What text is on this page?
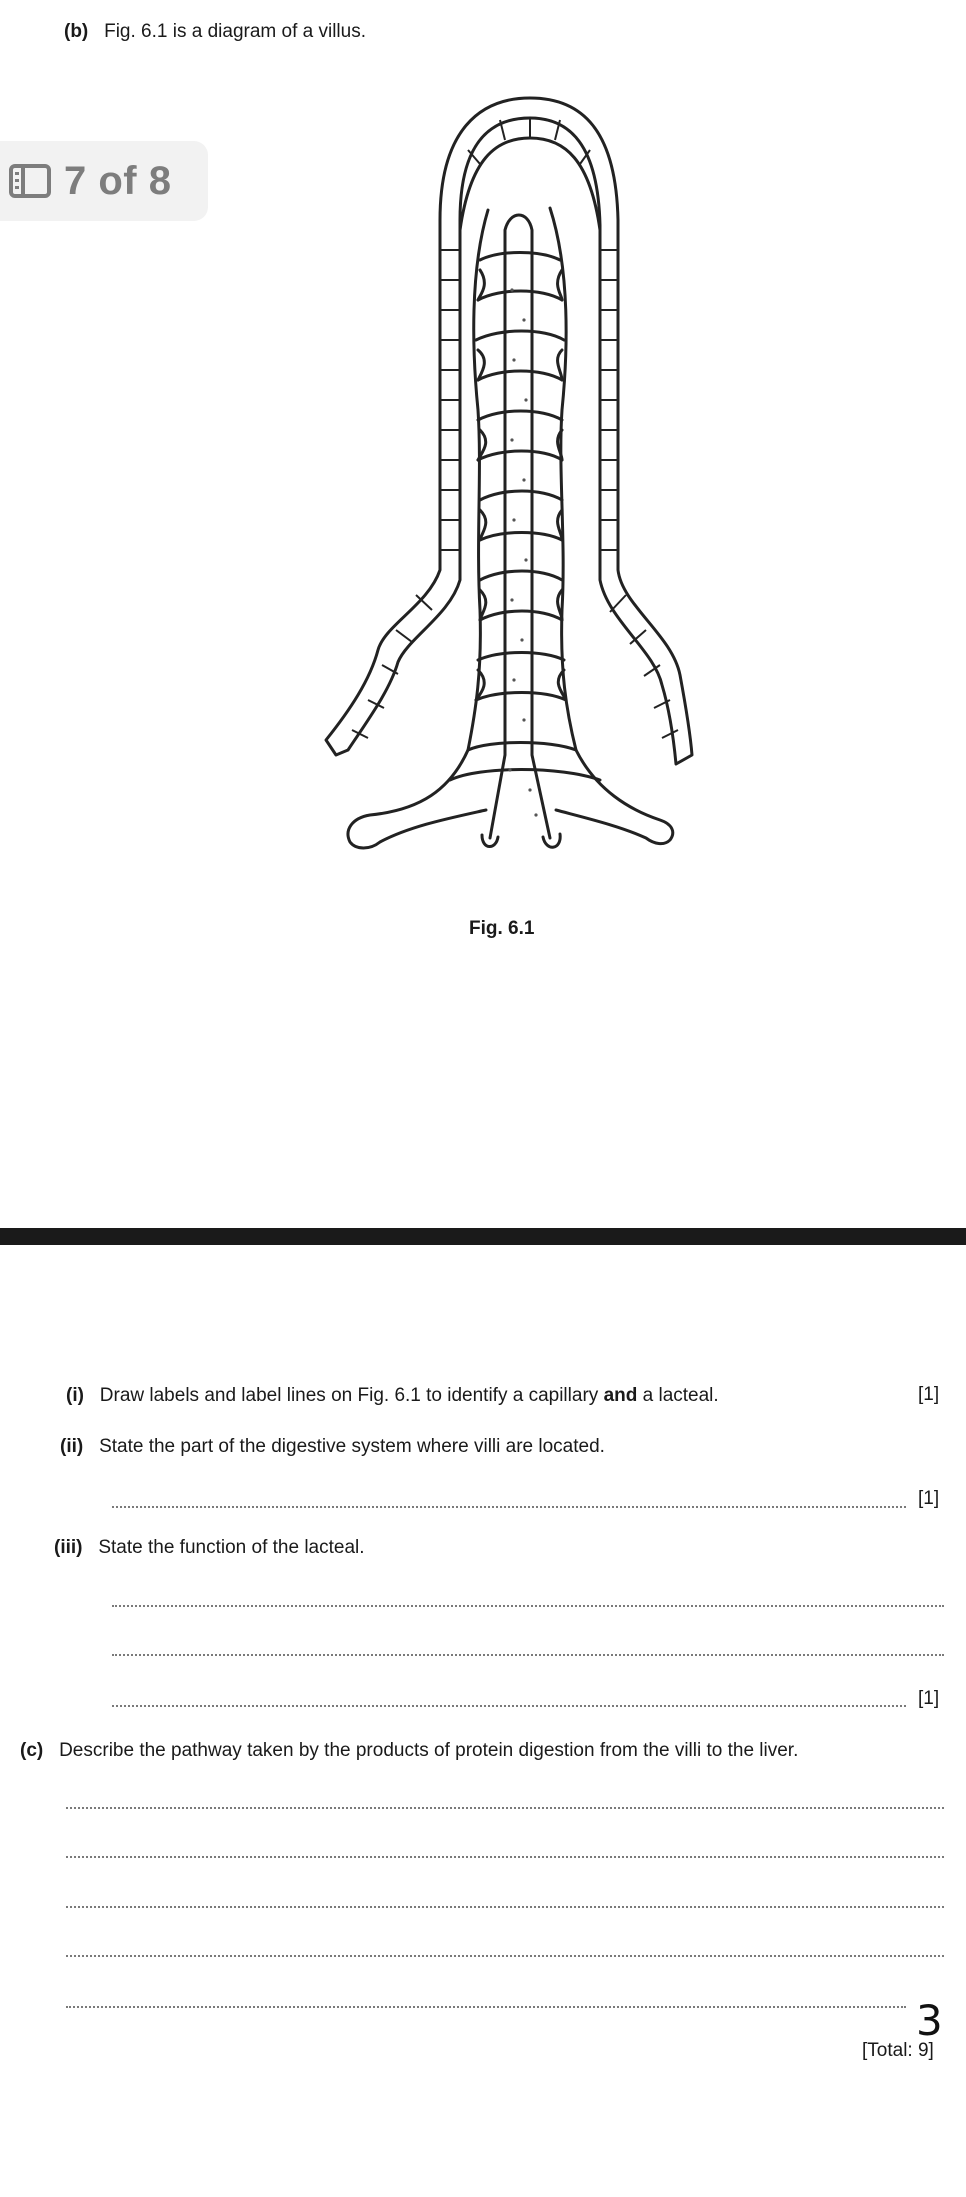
(b) Fig. 6.1 is a diagram of a villus.
7 of 8
Fig. 6.1
(i) Draw labels and label lines on Fig. 6.1 to identify a capillary and a lacteal.	[1]
(ii) State the part of the digestive system where villi are located.
[1]
(iii) State the function of the lacteal.
[1]
(c) Describe the pathway taken by the products of protein digestion from the villi to the liver.
3
[Total: 9]
